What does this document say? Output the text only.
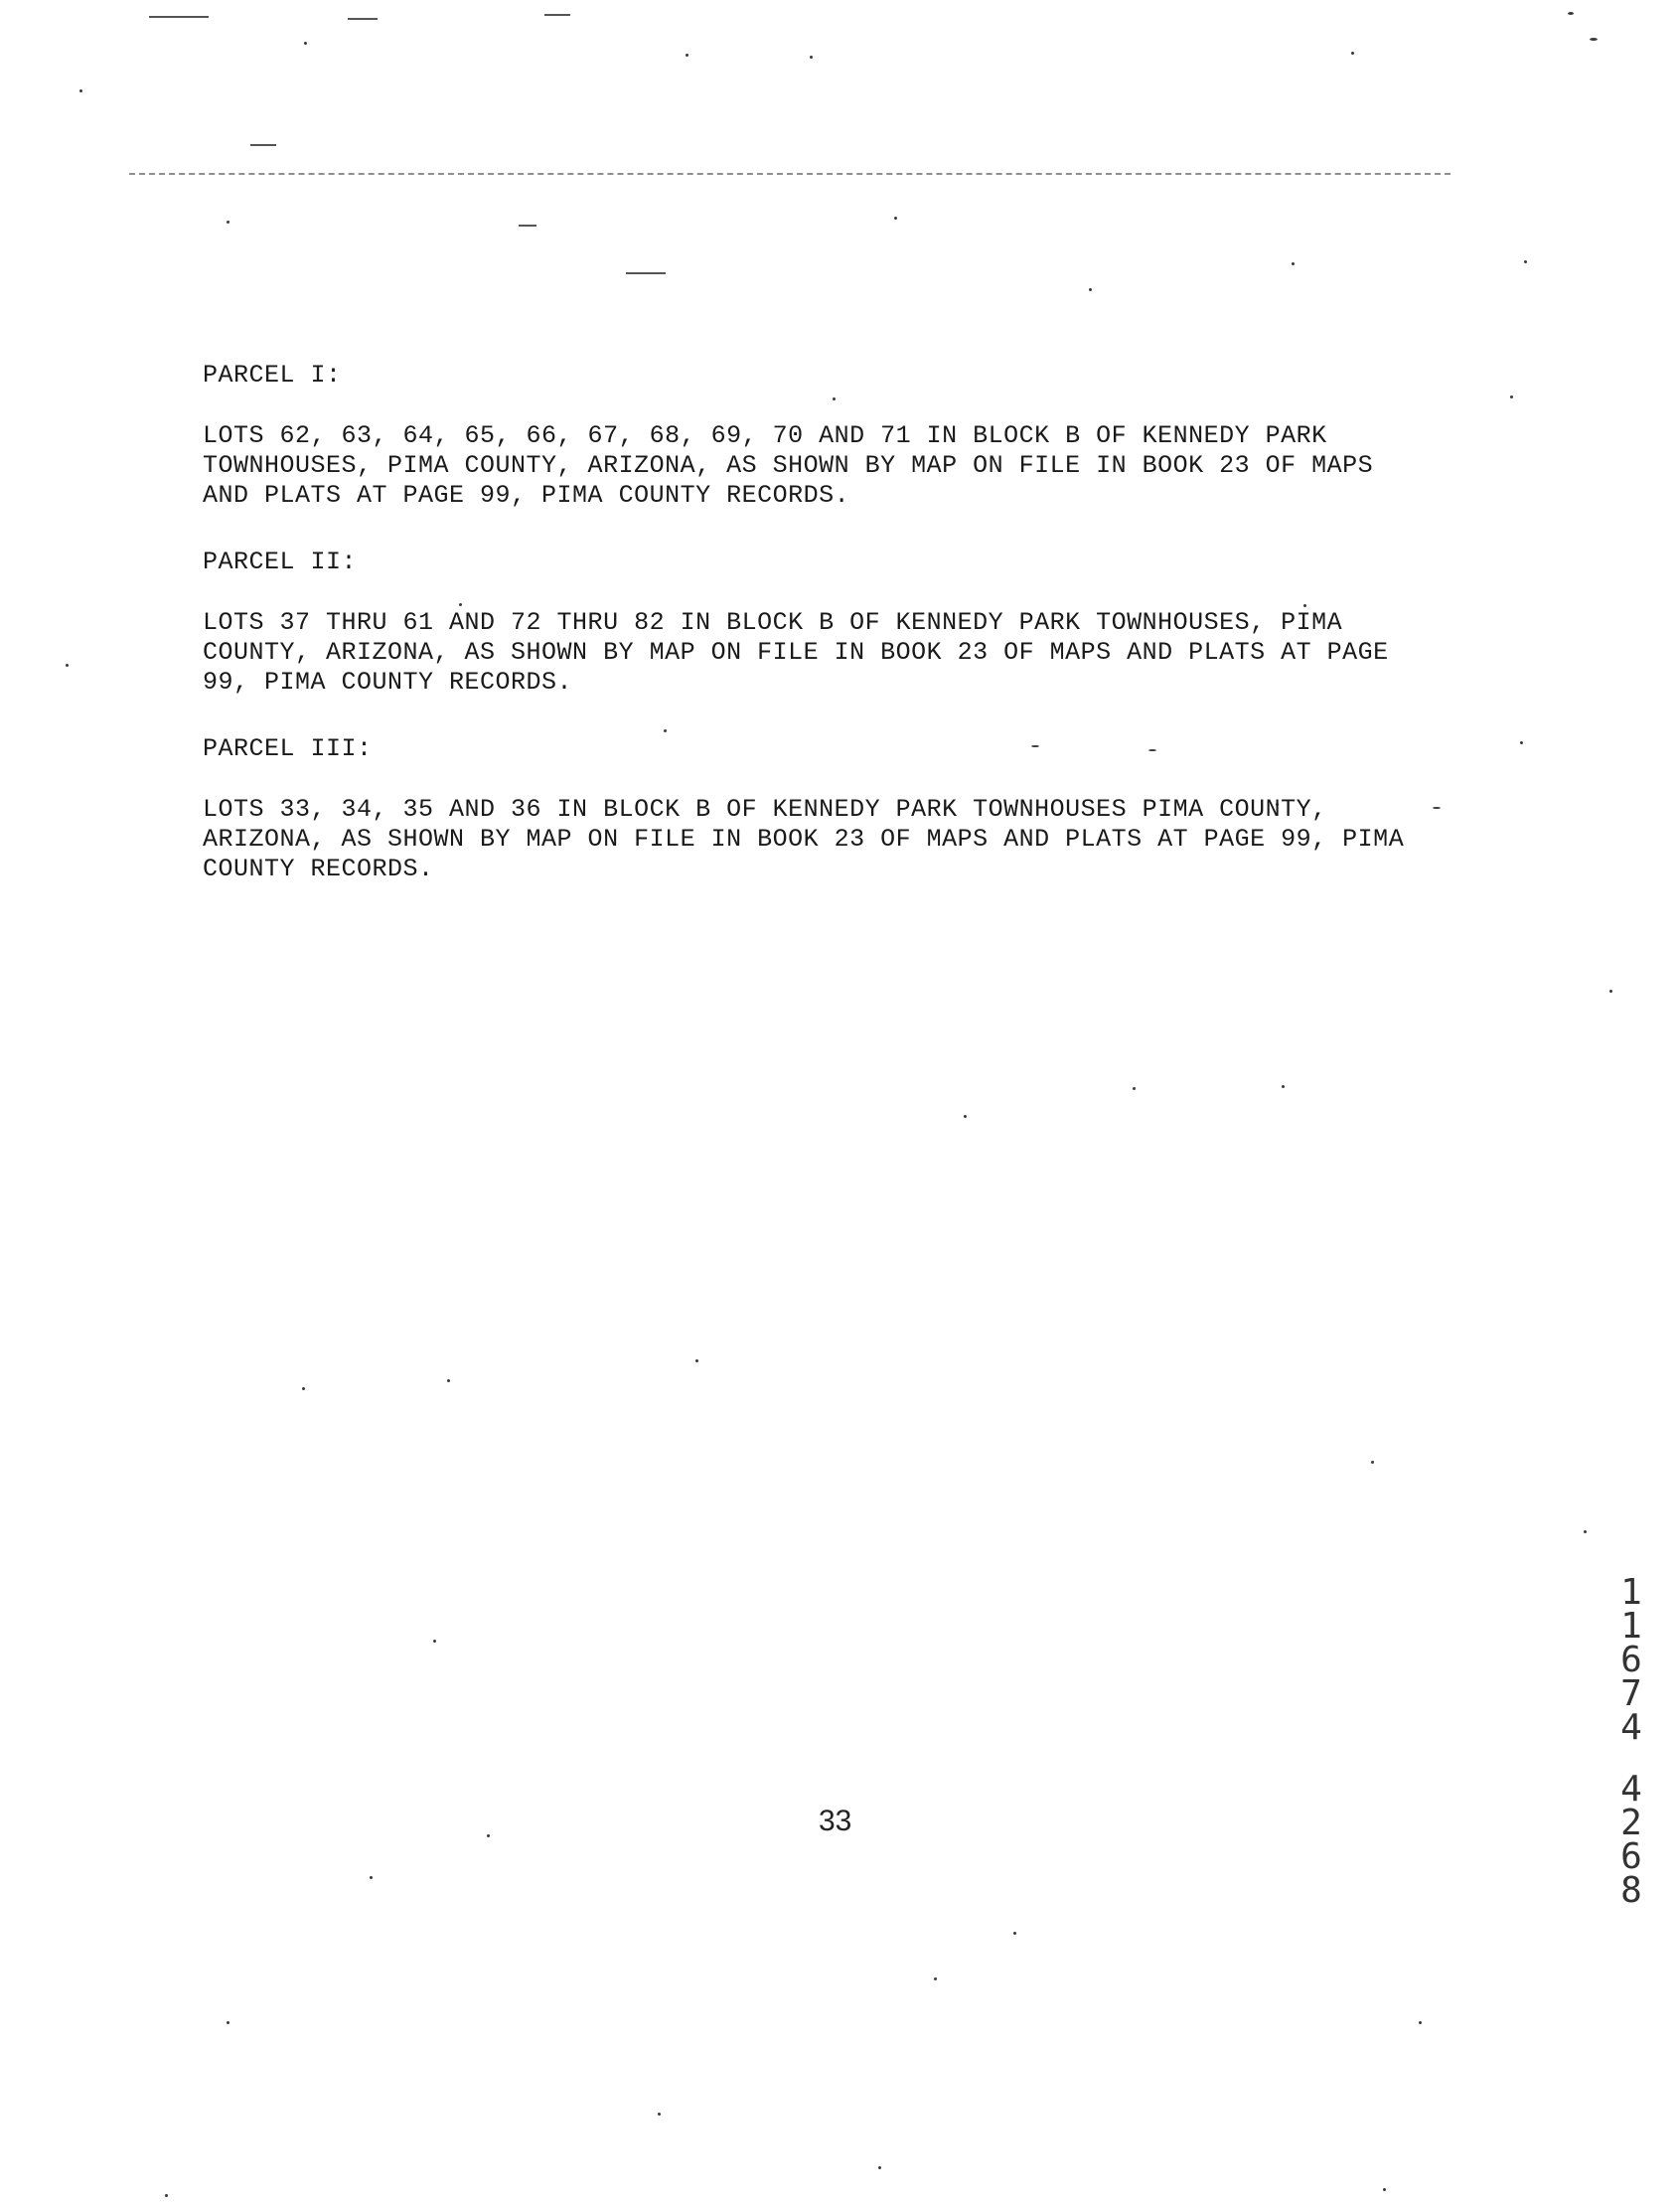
PARCEL I:
LOTS 62, 63, 64, 65, 66, 67, 68, 69, 70 AND 71 IN BLOCK B OF KENNEDY PARK
TOWNHOUSES, PIMA COUNTY, ARIZONA, AS SHOWN BY MAP ON FILE IN BOOK 23 OF MAPS
AND PLATS AT PAGE 99, PIMA COUNTY RECORDS.
PARCEL II:
LOTS 37 THRU 61 AND 72 THRU 82 IN BLOCK B OF KENNEDY PARK TOWNHOUSES, PIMA
COUNTY, ARIZONA, AS SHOWN BY MAP ON FILE IN BOOK 23 OF MAPS AND PLATS AT PAGE
99, PIMA COUNTY RECORDS.
PARCEL III:
LOTS 33, 34, 35 AND 36 IN BLOCK B OF KENNEDY PARK TOWNHOUSES PIMA COUNTY,
ARIZONA, AS SHOWN BY MAP ON FILE IN BOOK 23 OF MAPS AND PLATS AT PAGE 99, PIMA
COUNTY RECORDS.
33
1
1
6
7
4
4
2
6
8
